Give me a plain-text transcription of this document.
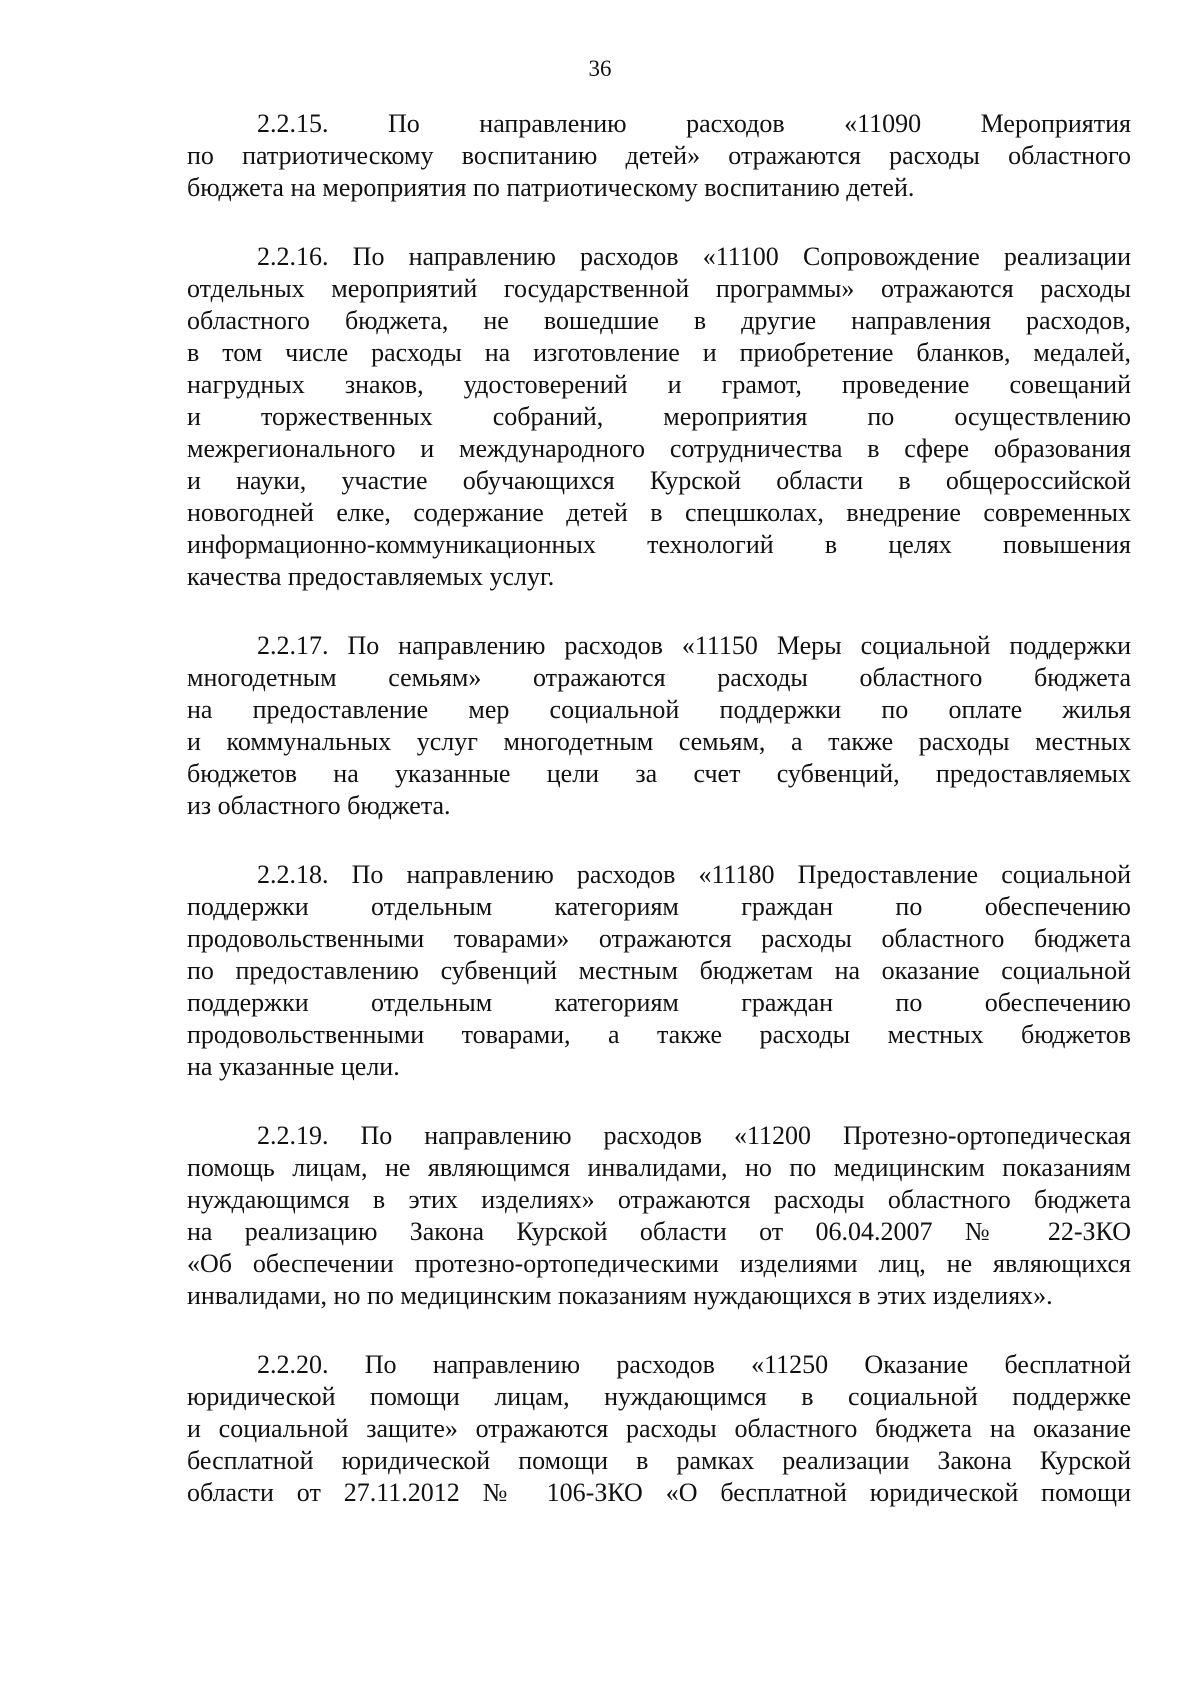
36
2.2.15. По направлению расходов «11090 Мероприятия
по патриотическому воспитанию детей» отражаются расходы областного
бюджета на мероприятия по патриотическому воспитанию детей.
2.2.16. По направлению расходов «11100 Сопровождение реализации
отдельных мероприятий государственной программы» отражаются расходы
областного бюджета, не вошедшие в другие направления расходов,
в том числе расходы на изготовление и приобретение бланков, медалей,
нагрудных знаков, удостоверений и грамот, проведение совещаний
и торжественных собраний, мероприятия по осуществлению
межрегионального и международного сотрудничества в сфере образования
и науки, участие обучающихся Курской области в общероссийской
новогодней елке, содержание детей в спецшколах, внедрение современных
информационно-коммуникационных технологий в целях повышения
качества предоставляемых услуг.
2.2.17. По направлению расходов «11150 Меры социальной поддержки
многодетным семьям» отражаются расходы областного бюджета
на предоставление мер социальной поддержки по оплате жилья
и коммунальных услуг многодетным семьям, а также расходы местных
бюджетов на указанные цели за счет субвенций, предоставляемых
из областного бюджета.
2.2.18. По направлению расходов «11180 Предоставление социальной
поддержки отдельным категориям граждан по обеспечению
продовольственными товарами» отражаются расходы областного бюджета
по предоставлению субвенций местным бюджетам на оказание социальной
поддержки отдельным категориям граждан по обеспечению
продовольственными товарами, а также расходы местных бюджетов
на указанные цели.
2.2.19. По направлению расходов «11200 Протезно-ортопедическая
помощь лицам, не являющимся инвалидами, но по медицинским показаниям
нуждающимся в этих изделиях» отражаются расходы областного бюджета
на реализацию Закона Курской области от 06.04.2007 № 22-ЗКО
«Об обеспечении протезно-ортопедическими изделиями лиц, не являющихся
инвалидами, но по медицинским показаниям нуждающихся в этих изделиях».
2.2.20. По направлению расходов «11250 Оказание бесплатной
юридической помощи лицам, нуждающимся в социальной поддержке
и социальной защите» отражаются расходы областного бюджета на оказание
бесплатной юридической помощи в рамках реализации Закона Курской
области от 27.11.2012 № 106-ЗКО «О бесплатной юридической помощи
